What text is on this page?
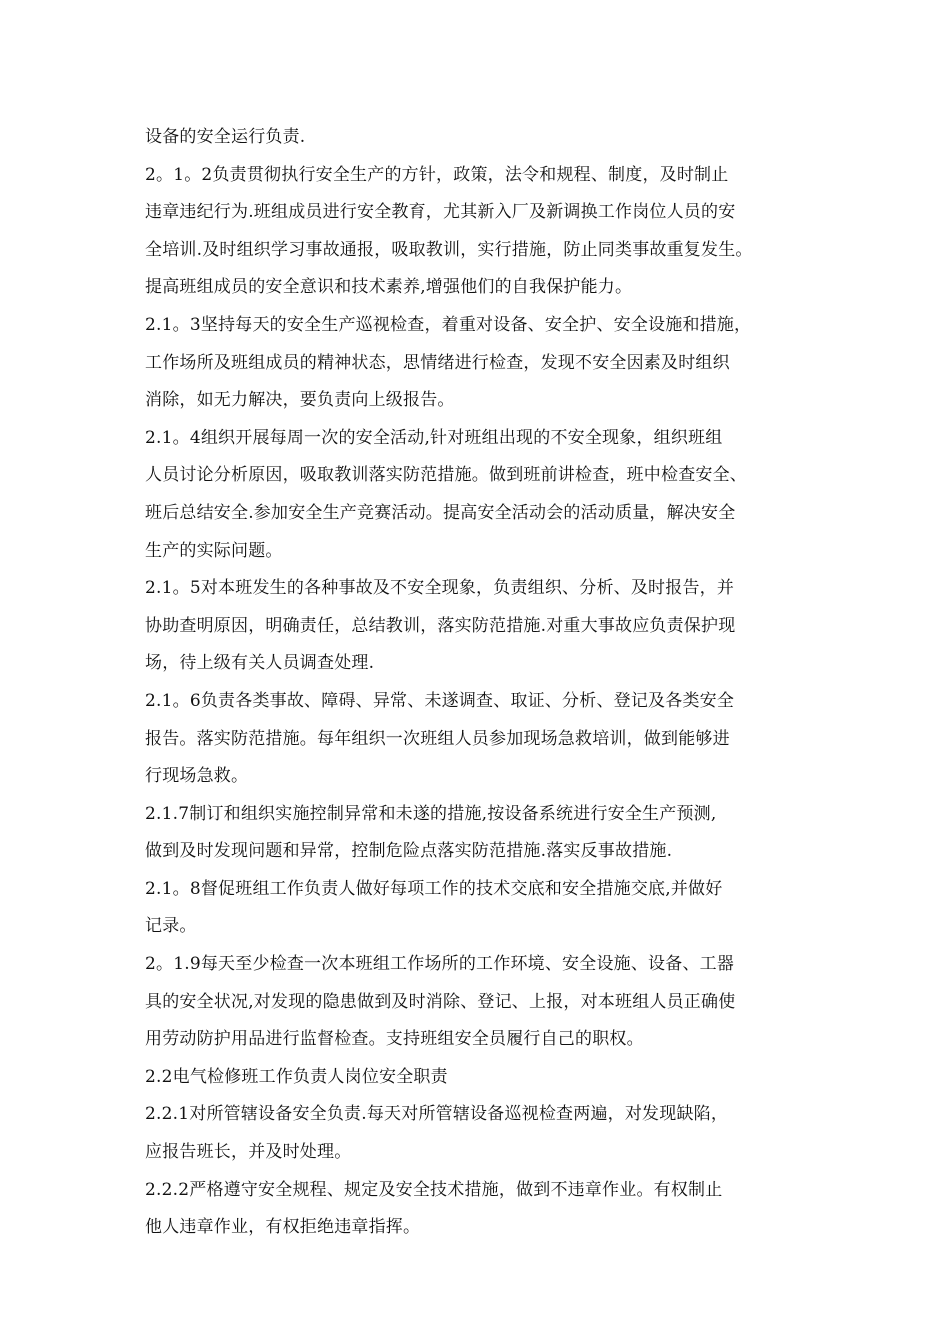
设备的安全运行负责.
2。1。2负责贯彻执行安全生产的方针，政策，法令和规程、制度，及时制止
违章违纪行为.班组成员进行安全教育，尤其新入厂及新调换工作岗位人员的安
全培训.及时组织学习事故通报，吸取教训，实行措施，防止同类事故重复发生。
提高班组成员的安全意识和技术素养,增强他们的自我保护能力。
2.1。3坚持每天的安全生产巡视检查，着重对设备、安全护、安全设施和措施，
工作场所及班组成员的精神状态，思情绪进行检查，发现不安全因素及时组织
消除，如无力解决，要负责向上级报告。
2.1。4组织开展每周一次的安全活动,针对班组出现的不安全现象，组织班组
人员讨论分析原因，吸取教训落实防范措施。做到班前讲检查，班中检查安全、
班后总结安全.参加安全生产竞赛活动。提高安全活动会的活动质量，解决安全
生产的实际问题。
2.1。5对本班发生的各种事故及不安全现象，负责组织、分析、及时报告，并
协助查明原因，明确责任，总结教训，落实防范措施.对重大事故应负责保护现
场，待上级有关人员调查处理.
2.1。6负责各类事故、障碍、异常、未遂调查、取证、分析、登记及各类安全
报告。落实防范措施。每年组织一次班组人员参加现场急救培训，做到能够进
行现场急救。
2.1.7制订和组织实施控制异常和未遂的措施,按设备系统进行安全生产预测,
做到及时发现问题和异常，控制危险点落实防范措施.落实反事故措施.
2.1。8督促班组工作负责人做好每项工作的技术交底和安全措施交底,并做好
记录。
2。1.9每天至少检查一次本班组工作场所的工作环境、安全设施、设备、工器
具的安全状况,对发现的隐患做到及时消除、登记、上报，对本班组人员正确使
用劳动防护用品进行监督检查。支持班组安全员履行自己的职权。
2.2电气检修班工作负责人岗位安全职责
2.2.1对所管辖设备安全负责.每天对所管辖设备巡视检查两遍，对发现缺陷，
应报告班长，并及时处理。
2.2.2严格遵守安全规程、规定及安全技术措施，做到不违章作业。有权制止
他人违章作业，有权拒绝违章指挥。
